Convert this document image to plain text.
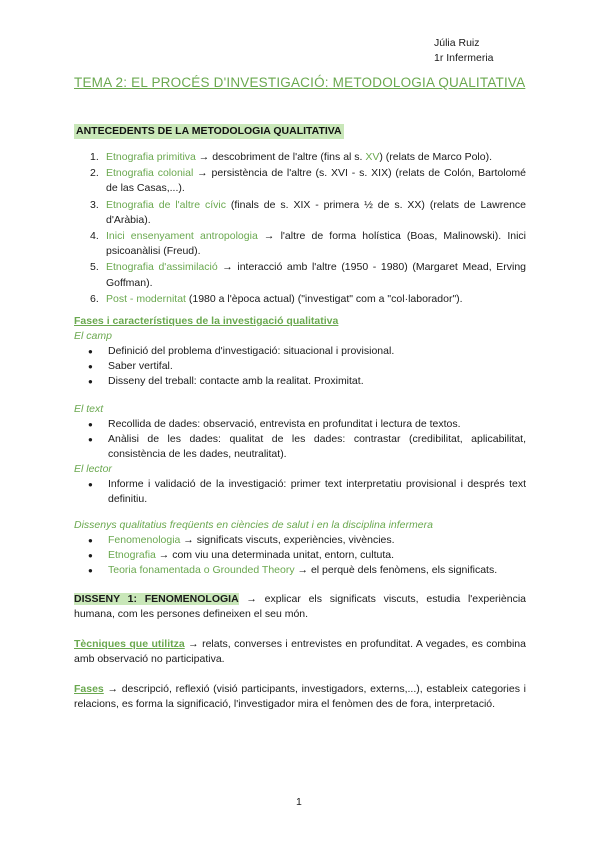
Júlia Ruiz
1r Infermeria
TEMA 2: EL PROCÉS D'INVESTIGACIÓ: METODOLOGIA QUALITATIVA
ANTECEDENTS DE LA METODOLOGIA QUALITATIVA
1. Etnografia primitiva → descobriment de l'altre (fins al s. XV) (relats de Marco Polo).
2. Etnografia colonial → persistència de l'altre (s. XVI - s. XIX) (relats de Colón, Bartolomé de las Casas,...).
3. Etnografia de l'altre cívic (finals de s. XIX - primera ½ de s. XX) (relats de Lawrence d'Aràbia).
4. Inici ensenyament antropologia → l'altre de forma holística (Boas, Malinowski). Inici psicoanàlisi (Freud).
5. Etnografia d'assimilació → interacció amb l'altre (1950 - 1980) (Margaret Mead, Erving Goffman).
6. Post - modernitat (1980 a l'època actual) ("investigat" com a "col·laborador").
Fases i característiques de la investigació qualitativa
El camp
● Definició del problema d'investigació: situacional i provisional.
● Saber vertifal.
● Disseny del treball: contacte amb la realitat. Proximitat.
El text
● Recollida de dades: observació, entrevista en profunditat i lectura de textos.
● Anàlisi de les dades: qualitat de les dades: contrastar (credibilitat, aplicabilitat, consistència de les dades, neutralitat).
El lector
● Informe i validació de la investigació: primer text interpretatiu provisional i després text definitiu.
Dissenys qualitatius freqüents en ciències de salut i en la disciplina infermera
● Fenomenologia → significats viscuts, experiències, vivències.
● Etnografia → com viu una determinada unitat, entorn, cultuta.
● Teoria fonamentada o Grounded Theory → el perquè dels fenòmens, els significats.
DISSENY 1: FENOMENOLOGIA → explicar els significats viscuts, estudia l'experiència humana, com les persones defineixen el seu món.
Tècniques que utilitza → relats, converses i entrevistes en profunditat. A vegades, es combina amb observació no participativa.
Fases → descripció, reflexió (visió participants, investigadors, externs,...), estableix categories i relacions, es forma la significació, l'investigador mira el fenòmen des de fora, interpretació.
1
